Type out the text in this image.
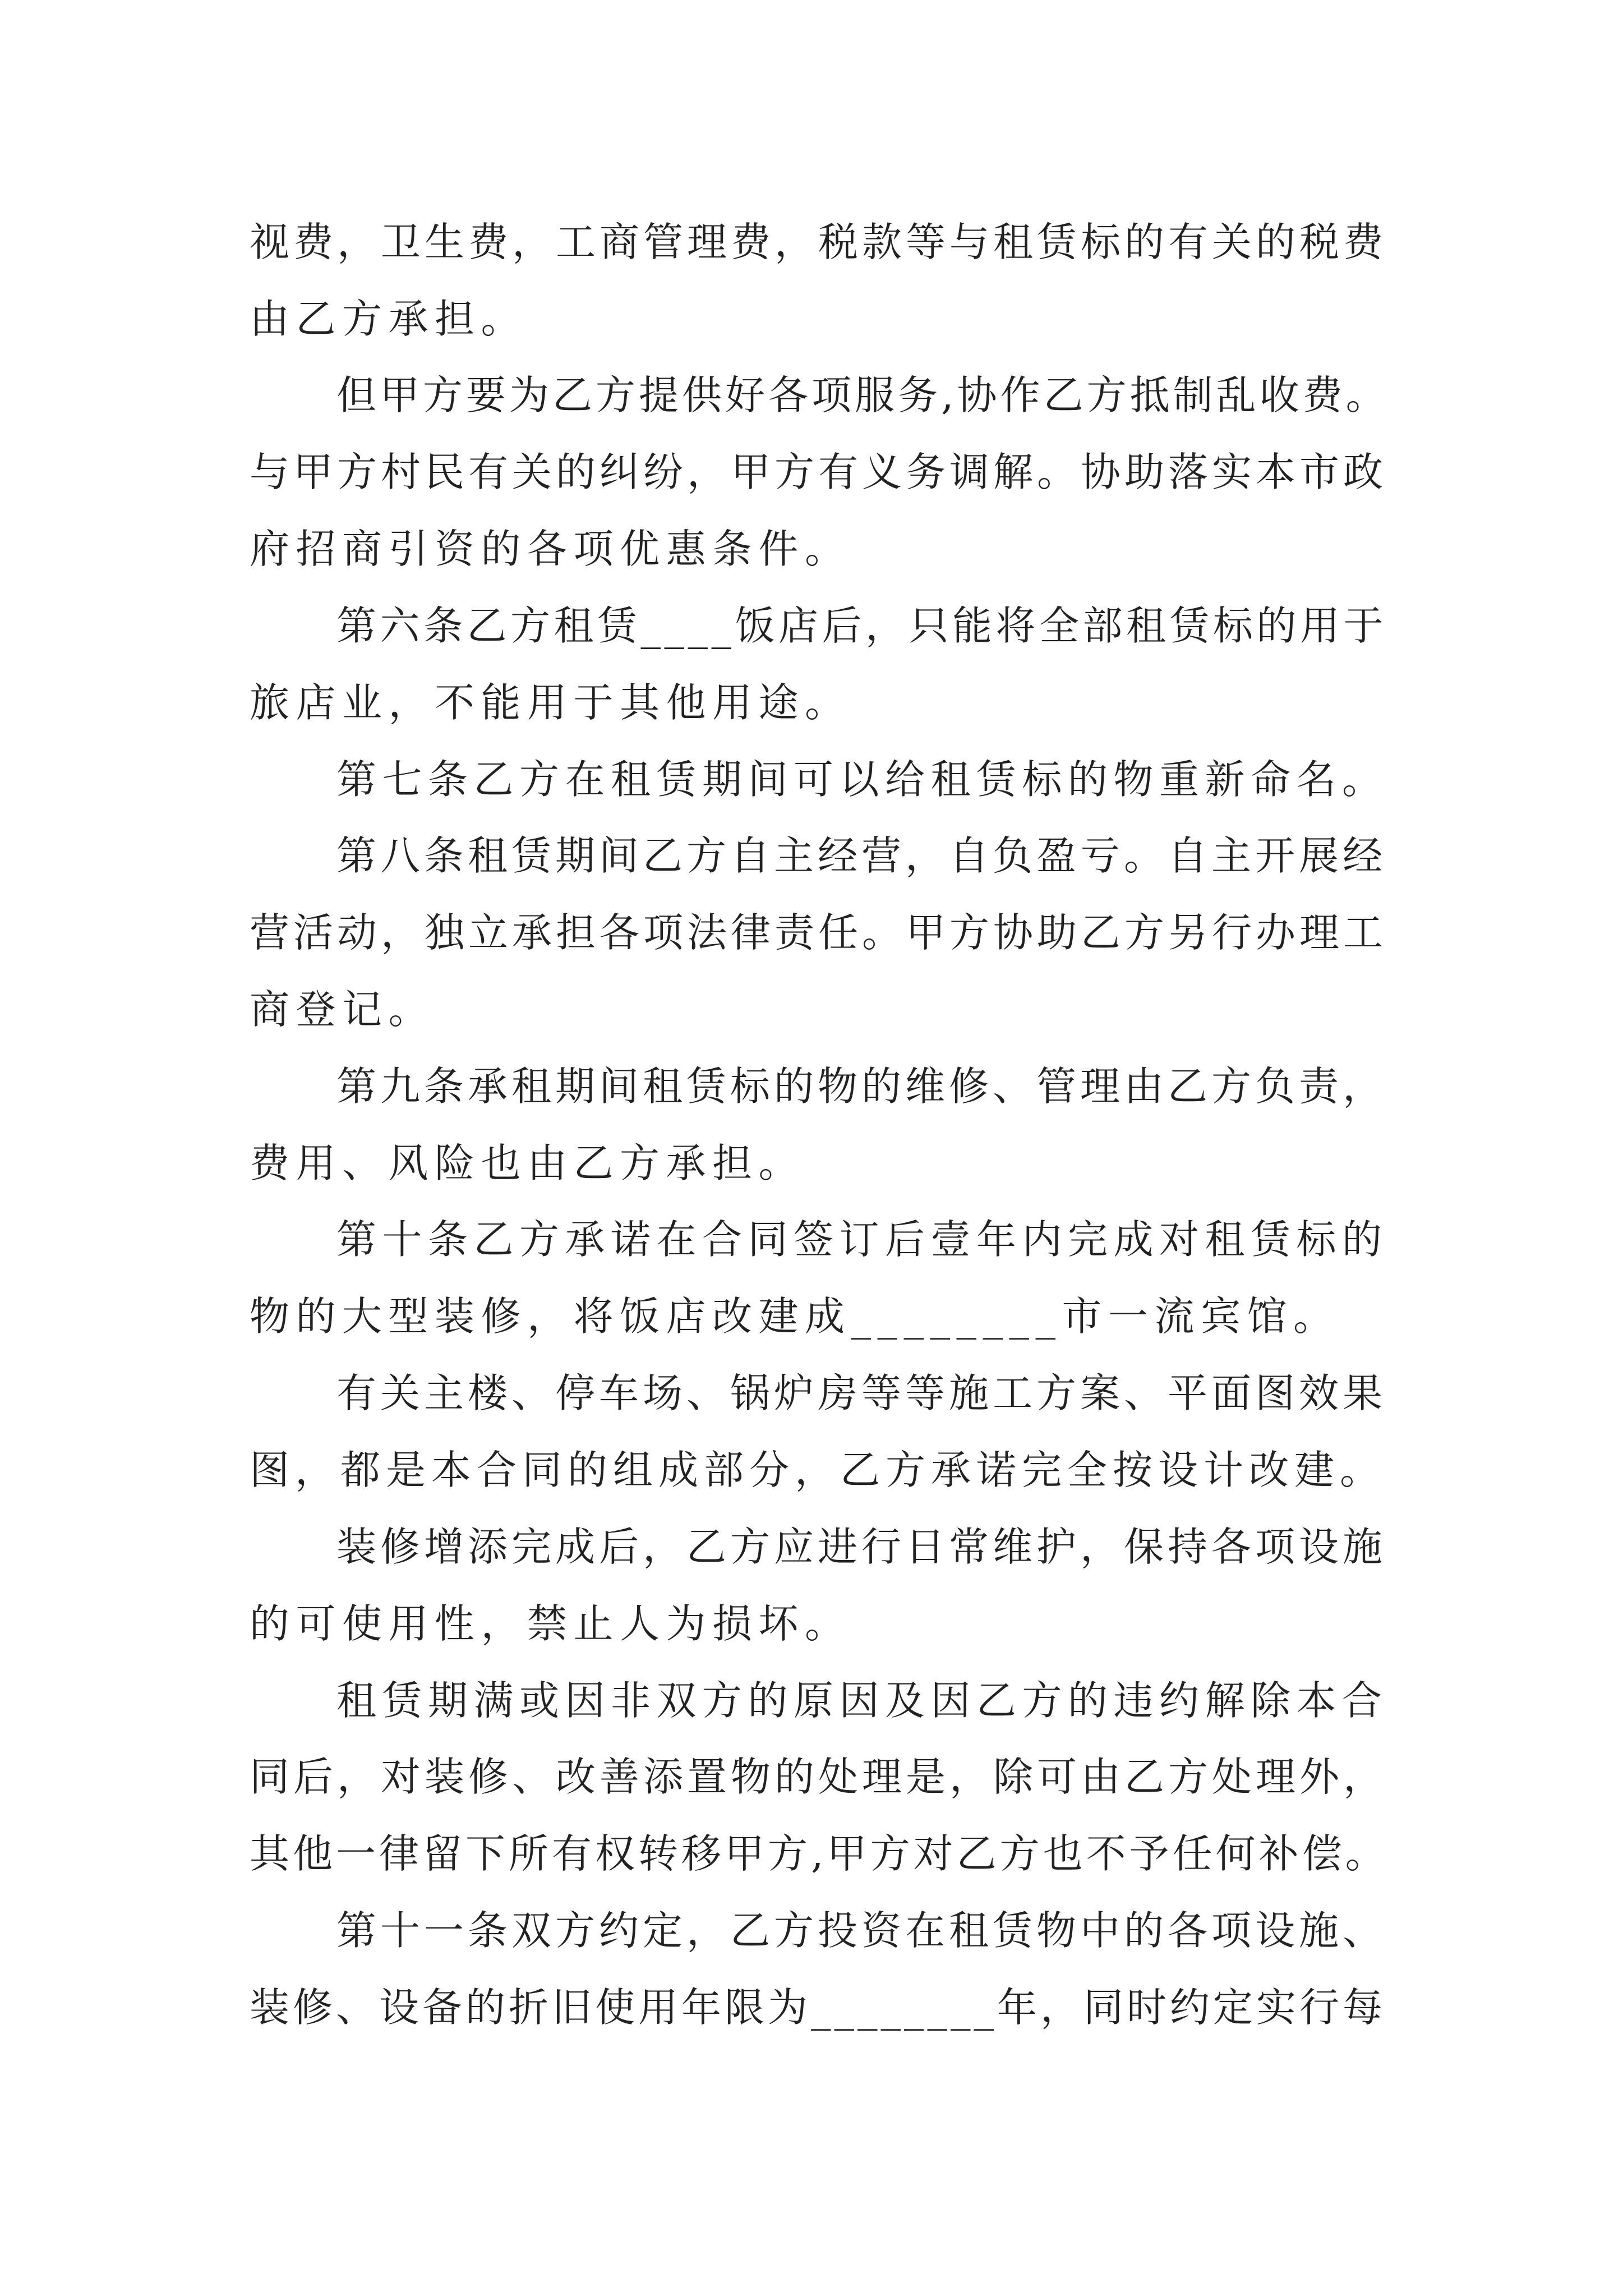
视费，卫生费，工商管理费，税款等与租赁标的有关的税费
由乙方承担。
但甲方要为乙方提供好各项服务,协作乙方抵制乱收费。
与甲方村民有关的纠纷，甲方有义务调解。协助落实本市政
府招商引资的各项优惠条件。
第六条乙方租赁____饭店后，只能将全部租赁标的用于
旅店业，不能用于其他用途。
第七条乙方在租赁期间可以给租赁标的物重新命名。
第八条租赁期间乙方自主经营，自负盈亏。自主开展经
营活动，独立承担各项法律责任。甲方协助乙方另行办理工
商登记。
第九条承租期间租赁标的物的维修、管理由乙方负责，
费用、风险也由乙方承担。
第十条乙方承诺在合同签订后壹年内完成对租赁标的
物的大型装修，将饭店改建成________市一流宾馆。
有关主楼、停车场、锅炉房等等施工方案、平面图效果
图，都是本合同的组成部分，乙方承诺完全按设计改建。
装修增添完成后，乙方应进行日常维护，保持各项设施
的可使用性，禁止人为损坏。
租赁期满或因非双方的原因及因乙方的违约解除本合
同后，对装修、改善添置物的处理是，除可由乙方处理外，
其他一律留下所有权转移甲方,甲方对乙方也不予任何补偿。
第十一条双方约定，乙方投资在租赁物中的各项设施、
装修、设备的折旧使用年限为________年，同时约定实行每
